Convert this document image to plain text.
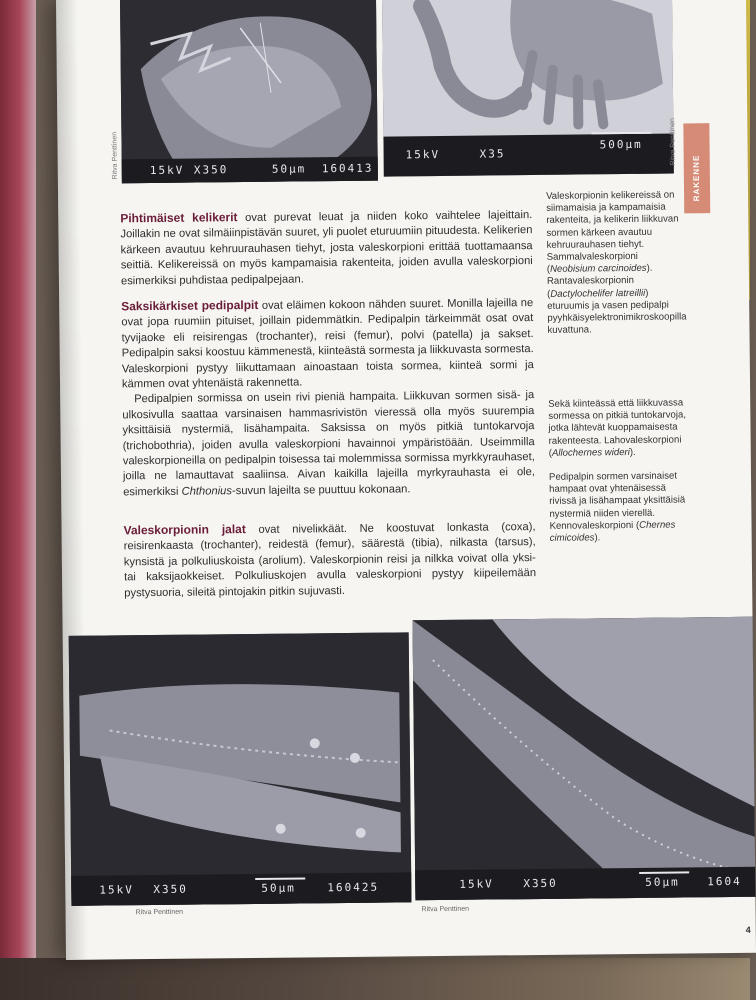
15kV X350	50µm 160413
Ritva Penttinen	15kV	X35
500µm	Ritva Penttinen
RAKENNE

Pihtimäiset kelikerit ovat purevat leuat ja niiden koko vaihtelee lajeittain. Joillakin ne ovat silmäiinpistävän suuret, yli puolet eturuumiin pituudesta. Kelikerien kärkeen avautuu kehruurauhasen tiehyt, josta valeskorpioni erittää tuottamaansa seittiä. Kelikereissä on myös kampamaisia rakenteita, joiden avulla valeskorpioni esimerkiksi puhdistaa pedipalpejaan.

Saksikärkiset pedipalpit ovat eläimen kokoon nähden suuret. Monilla lajeilla ne ovat jopa ruumiin pituiset, joillain pidemmätkin. Pedipalpin tärkeimmät osat ovat tyvijaoke eli reisirengas (trochanter), reisi (femur), polvi (patella) ja sakset. Pedipalpin saksi koostuu kämmenestä, kiinteästä sormesta ja liikkuvasta sormesta. Valeskorpioni pystyy liikuttamaan ainoastaan toista sormea, kiinteä sormi ja kämmen ovat yhtenäistä rakennetta.

Pedipalpien sormissa on usein rivi pieniä hampaita. Liikkuvan sormen sisä- ja ulkosivulla saattaa varsinaisen hammasrivistön vieressä olla myös suurempia yksittäisiä nystermiä, lisähampaita. Saksissa on myös pitkiä tuntokarvoja (trichobothria), joiden avulla valeskorpioni havainnoi ympäristöään. Useimmilla valeskorpioneilla on pedipalpin toisessa tai molemmissa sormissa myrkkyrauhaset, joilla ne lamauttavat saaliinsa. Aivan kaikilla lajeilla myrkyrauhasta ei ole, esimerkiksi Chthonius-suvun lajeilta se puuttuu kokonaan.

Valeskorpionin jalat ovat niveliкkäät. Ne koostuvat lonkasta (coxa), reisirenkaasta (trochanter), reidestä (femur), säärestä (tibia), nilkasta (tarsus), kynsistä ja polkuliuskoista (arolium). Valeskorpionin reisi ja nilkka voivat olla yksi- tai kaksijaokkeiset. Polkuliuskojen avulla valeskorpioni pystyy kiipeilemään pystysuoria, sileitä pintojakin pitkin sujuvasti.

Valeskorpionin kelikereissä on siimamaisia ja kampamaisia rakenteita, ja kelikerin liikkuvan sormen kärkeen avautuu kehruurauhasen tiehyt. Sammalvaleskorpioni (Neobisium carcinoides).

Rantavaleskorpionin (Dactylochelifer latreillii) eturuumis ja vasen pedipalpi pyyhkäisyelektronimikroskoopilla kuvattuna.

Sekä kiinteässä että liikkuvassa sormessa on pitkiä tuntokarvoja, jotka lähtevät kuoppamaisesta rakenteesta. Lahovaleskorpioni (Allochernes wideri).

Pedipalpin sormen varsinaiset hampaat ovat yhtenäisessä rivissä ja lisähampaat yksittäisiä nystermiä niiden vierellä. Kennovaleskorpioni (Chernes cimicoides).

15kV X350	50µm	160425
Ritva Penttinen
15kV	X350	50µm 1604
Ritva Penttinen
4
